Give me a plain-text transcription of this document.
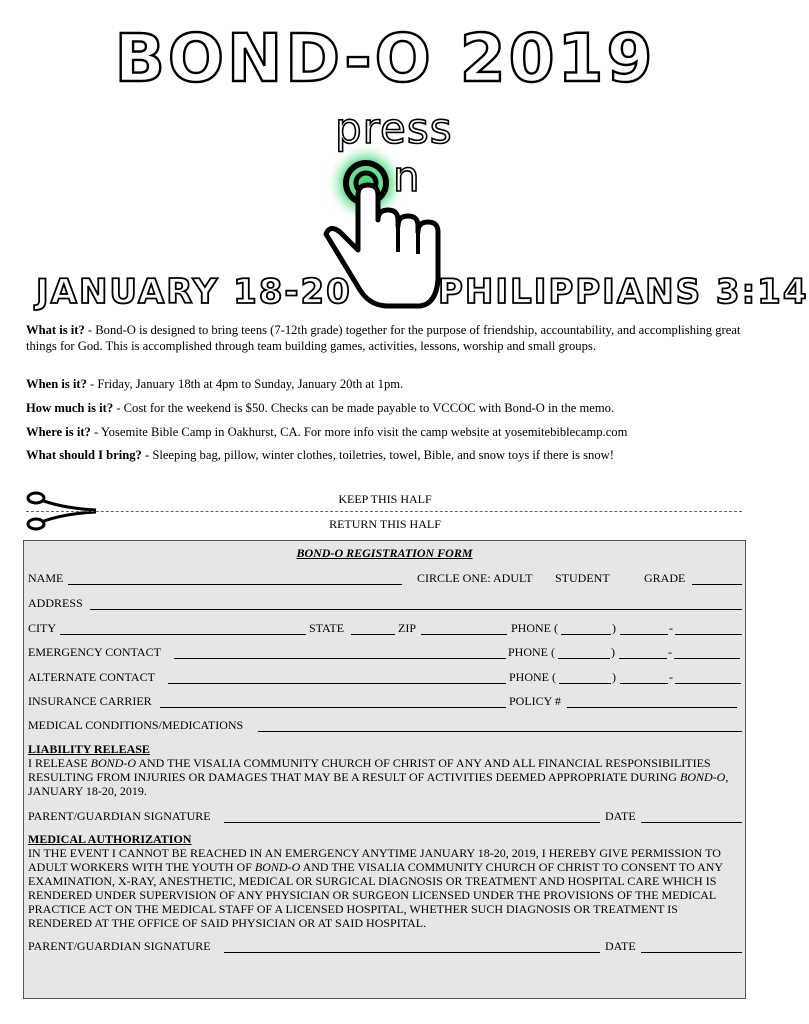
BOND-O 2019
press
n
JANUARY 18-20	PHILIPPIANS 3:14
What is it? - Bond-O is designed to bring teens (7-12th grade) together for the purpose of friendship, accountability, and accomplishing great things for God. This is accomplished through team building games, activities, lessons, worship and small groups.
When is it? - Friday, January 18th at 4pm to Sunday, January 20th at 1pm.
How much is it? - Cost for the weekend is $50. Checks can be made payable to VCCOC with Bond-O in the memo.
Where is it? - Yosemite Bible Camp in Oakhurst, CA. For more info visit the camp website at yosemitebiblecamp.com
What should I bring? - Sleeping bag, pillow, winter clothes, toiletries, towel, Bible, and snow toys if there is snow!
KEEP THIS HALF
RETURN THIS HALF
BOND-O REGISTRATION FORM
NAME	CIRCLE ONE: ADULT STUDENT	GRADE
ADDRESS
CITY	STATE	ZIP	PHONE (	)	-
EMERGENCY CONTACT	PHONE (	)	-
ALTERNATE CONTACT	PHONE (	)	-
INSURANCE CARRIER	POLICY #
MEDICAL CONDITIONS/MEDICATIONS
LIABILITY RELEASE
I RELEASE BOND-O AND THE VISALIA COMMUNITY CHURCH OF CHRIST OF ANY AND ALL FINANCIAL RESPONSIBILITIES RESULTING FROM INJURIES OR DAMAGES THAT MAY BE A RESULT OF ACTIVITIES DEEMED APPROPRIATE DURING BOND-O, JANUARY 18-20, 2019.
PARENT/GUARDIAN SIGNATURE	DATE
MEDICAL AUTHORIZATION
IN THE EVENT I CANNOT BE REACHED IN AN EMERGENCY ANYTIME JANUARY 18-20, 2019, I HEREBY GIVE PERMISSION TO ADULT WORKERS WITH THE YOUTH OF BOND-O AND THE VISALIA COMMUNITY CHURCH OF CHRIST TO CONSENT TO ANY EXAMINATION, X-RAY, ANESTHETIC, MEDICAL OR SURGICAL DIAGNOSIS OR TREATMENT AND HOSPITAL CARE WHICH IS RENDERED UNDER SUPERVISION OF ANY PHYSICIAN OR SURGEON LICENSED UNDER THE PROVISIONS OF THE MEDICAL PRACTICE ACT ON THE MEDICAL STAFF OF A LICENSED HOSPITAL, WHETHER SUCH DIAGNOSIS OR TREATMENT IS RENDERED AT THE OFFICE OF SAID PHYSICIAN OR AT SAID HOSPITAL.
PARENT/GUARDIAN SIGNATURE	DATE
